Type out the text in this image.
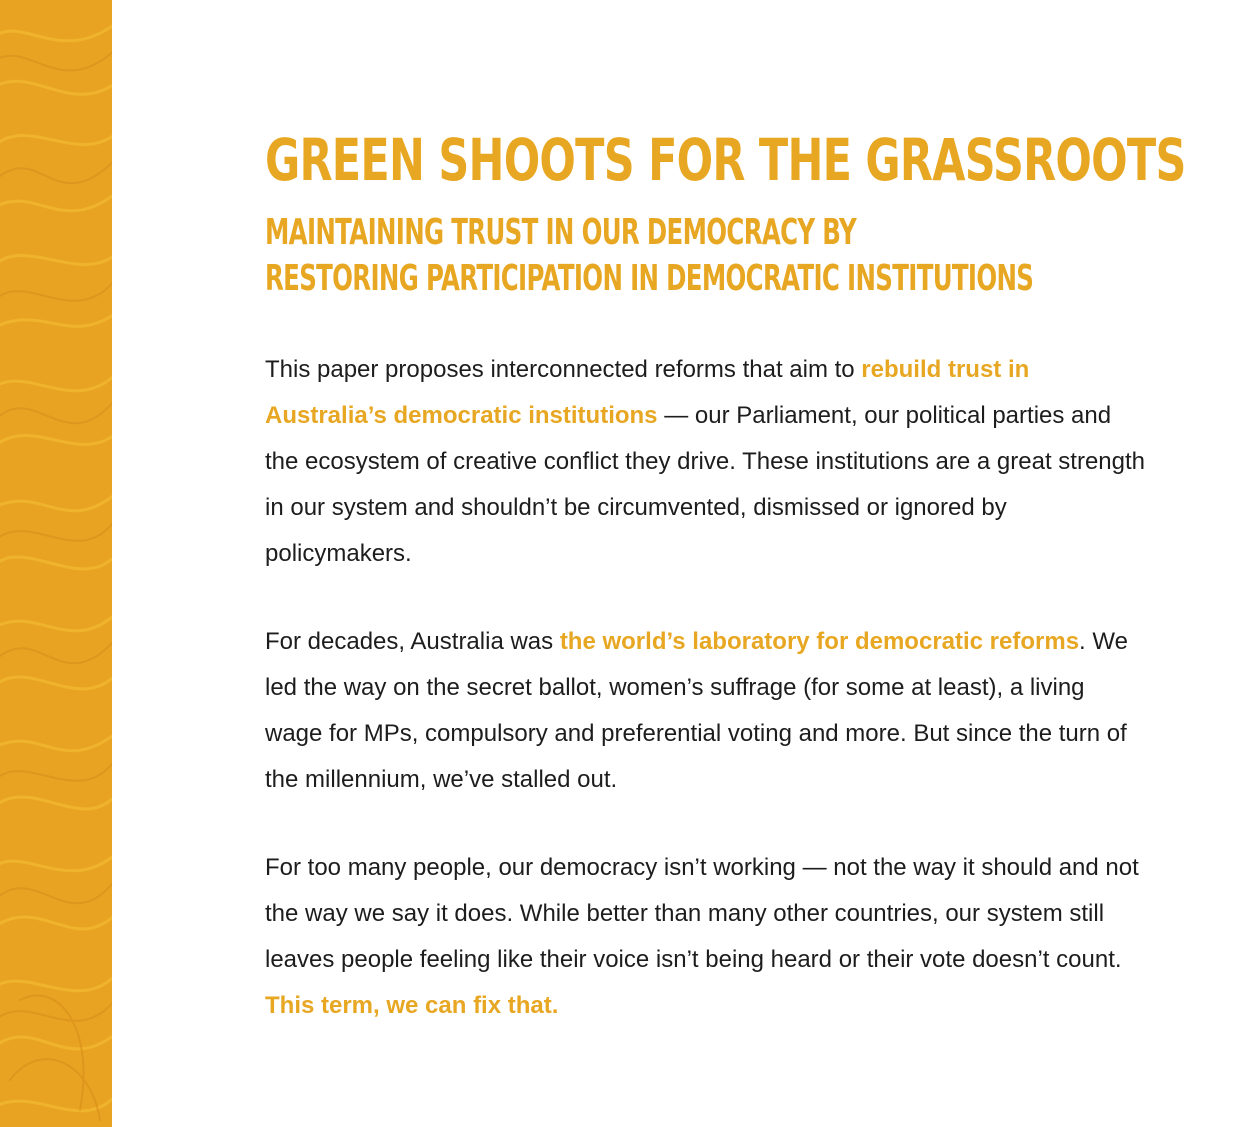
GREEN SHOOTS FOR THE GRASSROOTS
MAINTAINING TRUST IN OUR DEMOCRACY BY
RESTORING PARTICIPATION IN DEMOCRATIC INSTITUTIONS

This paper proposes interconnected reforms that aim to rebuild trust in Australia’s democratic institutions — our Parliament, our political parties and the ecosystem of creative conflict they drive. These institutions are a great strength in our system and shouldn’t be circumvented, dismissed or ignored by policymakers.

For decades, Australia was the world’s laboratory for democratic reforms. We led the way on the secret ballot, women’s suffrage (for some at least), a living wage for MPs, compulsory and preferential voting and more. But since the turn of the millennium, we’ve stalled out.

For too many people, our democracy isn’t working — not the way it should and not the way we say it does. While better than many other countries, our system still leaves people feeling like their voice isn’t being heard or their vote doesn’t count. This term, we can fix that.
